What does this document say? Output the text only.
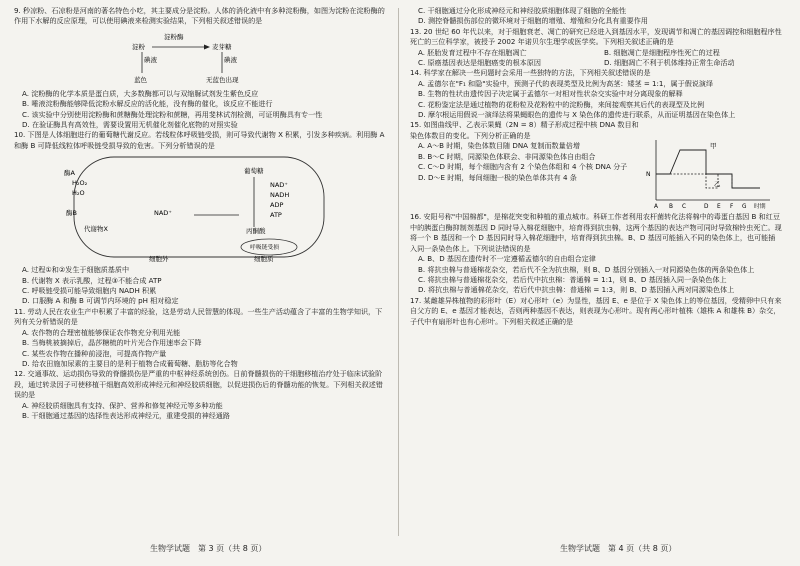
9. 秒凉粉、石凉粉是河南的著名特色小吃，其主要成分是淀粉。人体的消化液中有多种淀粉酶，如图为淀粉在淀粉酶的作用下水解的反应原理，可以使用碘液来检测实验结果，下列相关叙述错误的是

淀粉酶
淀粉	麦芽糖
碘液	碘液
蓝色	无蓝色出现

A. 淀粉酶的化学本质是蛋白质，大多数酶都可以与双缩脲试剂发生紫色反应

B. 唾液淀粉酶能够降低淀粉水解反应的活化能，没有酶的催化，该反应不能进行

C. 该实验中分别使用淀粉酶和蔗糖酶处理淀粉和蔗糖，再用斐林试剂检测，可证明酶具有专一性

D. 在验证酶具有高效性，需要设置用无机催化剂催化底物的对照实验

10. 下图是人体细胞进行的葡萄糖代谢反应。若线粒体呼吸链受损，则可导致代谢物 X 积累，引发多种疾病。利用酶 A 和酶 B 可降低线粒体呼吸链受损导致的危害。下列分析错误的是

酶A
H₂O₂
H₂O
酶B
代谢物X
NAD⁺
葡萄糖
NAD⁺
NADH
ADP
ATP
丙酮酸
呼吸链受损
细胞外	细胞质

A. 过程①和②发生于细胞质基质中

B. 代谢物 X 表示乳酸，过程③不能合成 ATP

C. 呼吸链受损可能导致细胞内 NADH 积累

D. 口服酶 A 和酶 B 可调节内环境的 pH 相对稳定

11. 劳动人民在农业生产中积累了丰富的经验，这是劳动人民智慧的体现。一些生产活动蕴含了丰富的生物学知识，下列有关分析错误的是

A. 农作物的合理密植能够保证农作物充分利用光能

B. 当梅桃被摘掉后，晶莎糖梳的叶片光合作用速率会下降

C. 某些农作物在播种前浸泡，可提高作物产量

D. 给农田施加尿素的主要目的是利于植物合成葡萄糖、脂肪等化合物

12. 交通事故、运动损伤导致的脊髓损伤是严重的中枢神经系统创伤。日前脊髓损伤的干细胞移植治疗处于临床试验阶段，通过转录因子可使移植干细胞高效形成神经元和神经胶质细胞，以促进损伤后的脊髓功能的恢复。下列相关叙述错误的是

A. 神经胶质细胞具有支持、保护、营养和修复神经元等多种功能

B. 干细胞通过基因的选择性表达形成神经元，重建受损的神经通路

C. 干细胞通过分化形成神经元和神经胶质细胞体现了细胞的全能性

D. 测控脊髓损伤部位的微环境对于细胞的增殖、增殖和分化具有重要作用

13. 20 世纪 60 年代以来，对于细胞衰老、凋亡的研究已经进入到基因水平，发现调节和凋亡的基因调控和细胞程序性死亡的三位科学家，被授予 2002 年诺贝尔生理学或医学奖。下列相关叙述正确的是

A. 胚胎发育过程中不存在细胞凋亡	B. 细胞凋亡是细胞程序性死亡的过程

C. 原癌基因表达是细胞癌变的根本原因	D. 细胞凋亡不利于机体维持正常生命活动

14. 科学家在解决一些问题时会采用一些独特的方法，下列相关叙述错误的是

A. 孟德尔在"F₁ 和隐"实验中，预测子代的表现类型及比例为高茎：矮茎 = 1:1，属于假说演绎

B. 生物的性状由遗传因子决定属于孟德尔一对相对性状杂交实验中对分离现象的解释

C. 花粉鉴定法是通过植物的花粉粒及花粉粒中的淀粉酶，来间接观察其后代的表现型及比例

D. 摩尔根运用假说一演绎法将果蝇眼色的遗传与 X 染色体的遗传进行联系，从而证明基因在染色体上

15. 如图曲线甲、乙表示果蝇（2N = 8）精子形成过程中核 DNA 数目和染色体数目的变化。下列分析正确的是

A. A～B 时期，染色体数目随 DNA 复制而数量倍增

B. B～C 时期，同源染色体联会、非同源染色体自由组合

C. C～D 时期，每个细胞内含有 2 个染色体组和 4 个核 DNA 分子

D. D～E 时期，每间细胞一极的染色单体共有 4 条

甲
乙
N
A B C	D E F G 时期

16. 安阳号称"中国棉都"，是棉花突变和种植的重点城市。科研工作者利用农杆菌转化法将棉中的毒蛋白基因 B 和红豆中的胰蛋白酶抑制剂基因 D 同时导入棉花细胞中，培育得到抗虫棉，这两个基因的表达产物可同时导致棉铃虫死亡。现将一个 B 基因和一个 D 基因同时导入棉花细胞中，培育得到抗虫棉。B、D 基因可能插入不同的染色体上，也可能插入同一条染色体上。下列说法错误的是

A. B、D 基因在遗传时不一定遵循孟德尔的自由组合定律

B. 将抗虫棉与普通棉花杂交，若后代不全为抗虫棉，则 B、D 基因分别插入一对同源染色体的两条染色体上

C. 将抗虫棉与普通棉花杂交，若后代中抗虫棉：普通棉 = 1:1，则 B、D 基因插入同一条染色体上

D. 将抗虫棉与普通棉花杂交，若后代中抗虫棉：普通棉 = 1:3，则 B、D 基因插入两对同源染色体上

17. 某雌雄异株植物的彩形叶（E）对心形叶（e）为显性，基因 E、e 是位于 X 染色体上的等位基因，受精卵中只有来自父方的 E、e 基因才能表达，否则两种基因不表达，则表现为心形叶。现有两心形叶植株（雄株 A 和雄株 B）杂交，子代中有扇形叶也有心形叶。下列相关叙述正确的是

生物学试题　第 3 页（共 8 页）	生物学试题　第 4 页（共 8 页）
